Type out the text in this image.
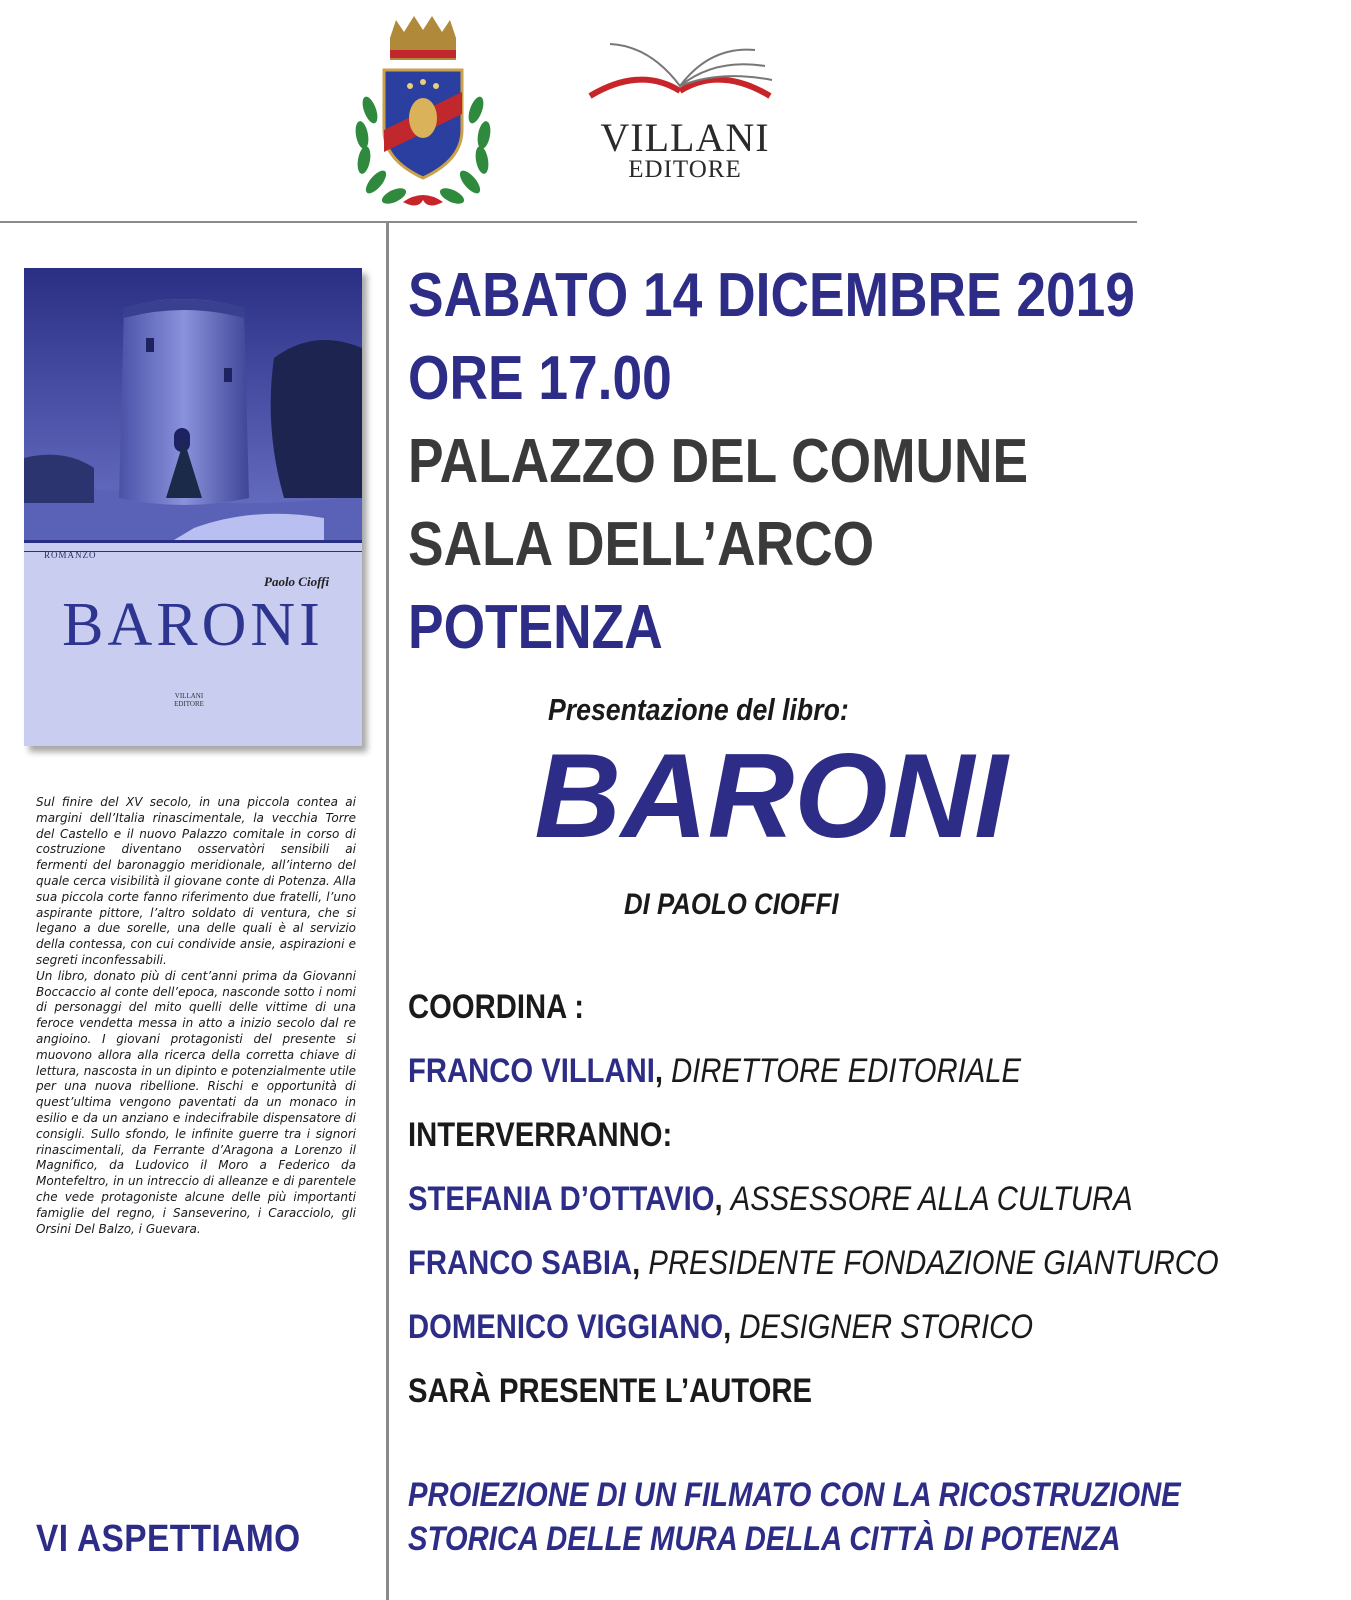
VILLANI
EDITORE
ROMANZO
Paolo Cioffi
BARONI
VILLANI
EDITORE

Sul finire del XV secolo, in una piccola contea ai margini dell’Italia rinascimentale, la vecchia Torre del Castello e il nuovo Palazzo comitale in corso di costruzione diventano osservatòri sensibili ai fermenti del baronaggio meridionale, all’interno del quale cerca visibilità il giovane conte di Potenza. Alla sua piccola corte fanno riferimento due fratelli, l’uno aspirante pittore, l’altro soldato di ventura, che si legano a due sorelle, una delle quali è al servizio della contessa, con cui condivide ansie, aspirazioni e segreti inconfessabili.
Un libro, donato più di cent’anni prima da Giovanni Boccaccio al conte dell’epoca, nasconde sotto i nomi di personaggi del mito quelli delle vittime di una feroce vendetta messa in atto a inizio secolo dal re angioino. I giovani protagonisti del presente si muovono allora alla ricerca della corretta chiave di lettura, nascosta in un dipinto e potenzialmente utile per una nuova ribellione. Rischi e opportunità di quest’ultima vengono paventati da un monaco in esilio e da un anziano e indecifrabile dispensatore di consigli. Sullo sfondo, le infinite guerre tra i signori rinascimentali, da Ferrante d’Aragona a Lorenzo il Magnifico, da Ludovico il Moro a Federico da Montefeltro, in un intreccio di alleanze e di parentele che vede protagoniste alcune delle più importanti famiglie del regno, i Sanseverino, i Caracciolo, gli Orsini Del Balzo, i Guevara.

VI ASPETTIAMO
SABATO 14 DICEMBRE 2019
ORE 17.00
PALAZZO DEL COMUNE
SALA DELL’ARCO
POTENZA
Presentazione del libro:
BARONI
DI PAOLO CIOFFI
COORDINA :
FRANCO VILLANI, DIRETTORE EDITORIALE
INTERVERRANNO:
STEFANIA D’OTTAVIO, ASSESSORE ALLA CULTURA
FRANCO SABIA, PRESIDENTE FONDAZIONE GIANTURCO
DOMENICO VIGGIANO, DESIGNER STORICO
SARÀ PRESENTE L’AUTORE
PROIEZIONE DI UN FILMATO CON LA RICOSTRUZIONE
STORICA DELLE MURA DELLA CITTÀ DI POTENZA
